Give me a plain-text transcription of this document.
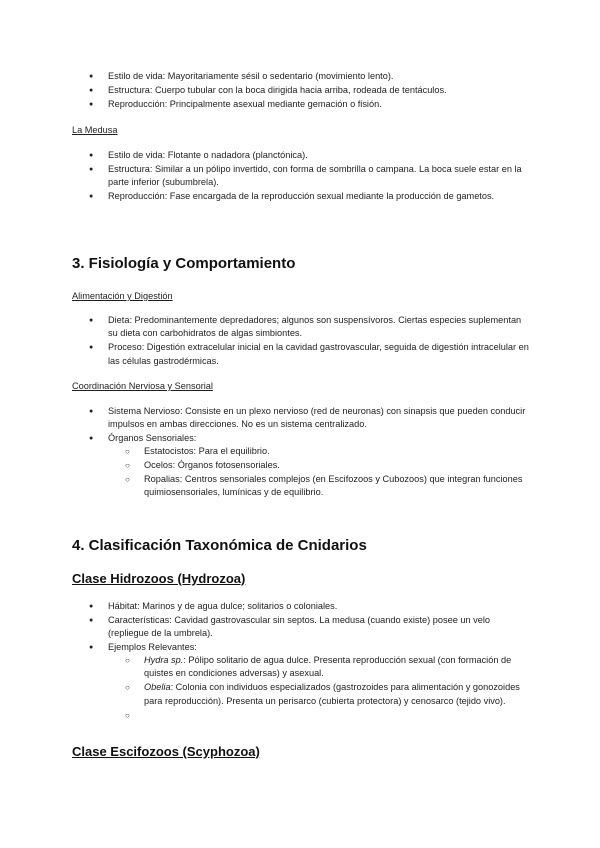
● Estilo de vida: Mayoritariamente sésil o sedentario (movimiento lento).
● Estructura: Cuerpo tubular con la boca dirigida hacia arriba, rodeada de tentáculos.
● Reproducción: Principalmente asexual mediante gemación o fisión.
La Medusa
● Estilo de vida: Flotante o nadadora (planctónica).
● Estructura: Similar a un pólipo invertido, con forma de sombrilla o campana. La boca suele estar en la parte inferior (subumbrela).
● Reproducción: Fase encargada de la reproducción sexual mediante la producción de gametos.
3. Fisiología y Comportamiento
Alimentación y Digestión
● Dieta: Predominantemente depredadores; algunos son suspensívoros. Ciertas especies suplementan su dieta con carbohidratos de algas simbiontes.
● Proceso: Digestión extracelular inicial en la cavidad gastrovascular, seguida de digestión intracelular en las células gastrodérmicas.
Coordinación Nerviosa y Sensorial
● Sistema Nervioso: Consiste en un plexo nervioso (red de neuronas) con sinapsis que pueden conducir impulsos en ambas direcciones. No es un sistema centralizado.
● Órganos Sensoriales:
○ Estatocistos: Para el equilibrio.
○ Ocelos: Órganos fotosensoriales.
○ Ropalias: Centros sensoriales complejos (en Escifozoos y Cubozoos) que integran funciones quimiosensoriales, lumínicas y de equilibrio.
4. Clasificación Taxonómica de Cnidarios
Clase Hidrozoos (Hydrozoa)
● Hábitat: Marinos y de agua dulce; solitarios o coloniales.
● Características: Cavidad gastrovascular sin septos. La medusa (cuando existe) posee un velo (repliegue de la umbrela).
● Ejemplos Relevantes:
○ Hydra sp.: Pólipo solitario de agua dulce. Presenta reproducción sexual (con formación de quistes en condiciones adversas) y asexual.
○ Obelia: Colonia con individuos especializados (gastrozoides para alimentación y gonozoides para reproducción). Presenta un perisarco (cubierta protectora) y cenosarco (tejido vivo).
Clase Escifozoos (Scyphozoa)
